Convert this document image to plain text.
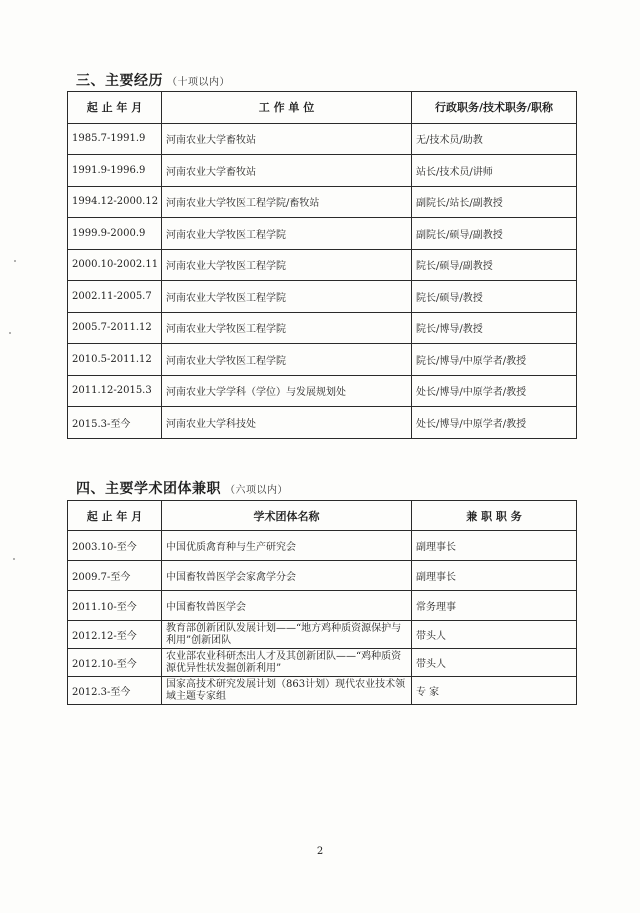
三、主要经历 （十项以内）
起 止 年 月	工 作 单 位	行政职务/技术职务/职称
1985.7-1991.9	河南农业大学畜牧站	无/技术员/助教
1991.9-1996.9	河南农业大学畜牧站	站长/技术员/讲师
1994.12-2000.12	河南农业大学牧医工程学院/畜牧站	副院长/站长/副教授
1999.9-2000.9	河南农业大学牧医工程学院	副院长/硕导/副教授
2000.10-2002.11	河南农业大学牧医工程学院	院长/硕导/副教授
2002.11-2005.7	河南农业大学牧医工程学院	院长/硕导/教授
2005.7-2011.12	河南农业大学牧医工程学院	院长/博导/教授
2010.5-2011.12	河南农业大学牧医工程学院	院长/博导/中原学者/教授
2011.12-2015.3	河南农业大学学科（学位）与发展规划处	处长/博导/中原学者/教授
2015.3-至今	河南农业大学科技处	处长/博导/中原学者/教授
四、主要学术团体兼职 （六项以内）
起 止 年 月	学术团体名称	兼 职 职 务
2003.10-至今	中国优质禽育种与生产研究会	副理事长
2009.7-至今	中国畜牧兽医学会家禽学分会	副理事长
2011.10-至今	中国畜牧兽医学会	常务理事
2012.12-至今	教育部创新团队发展计划——“地方鸡种质资源保护与利用”创新团队	带头人
2012.10-至今	农业部农业科研杰出人才及其创新团队——“鸡种质资源优异性状发掘创新利用”	带头人
2012.3-至今	国家高技术研究发展计划（863计划）现代农业技术领域主题专家组	专 家
2
